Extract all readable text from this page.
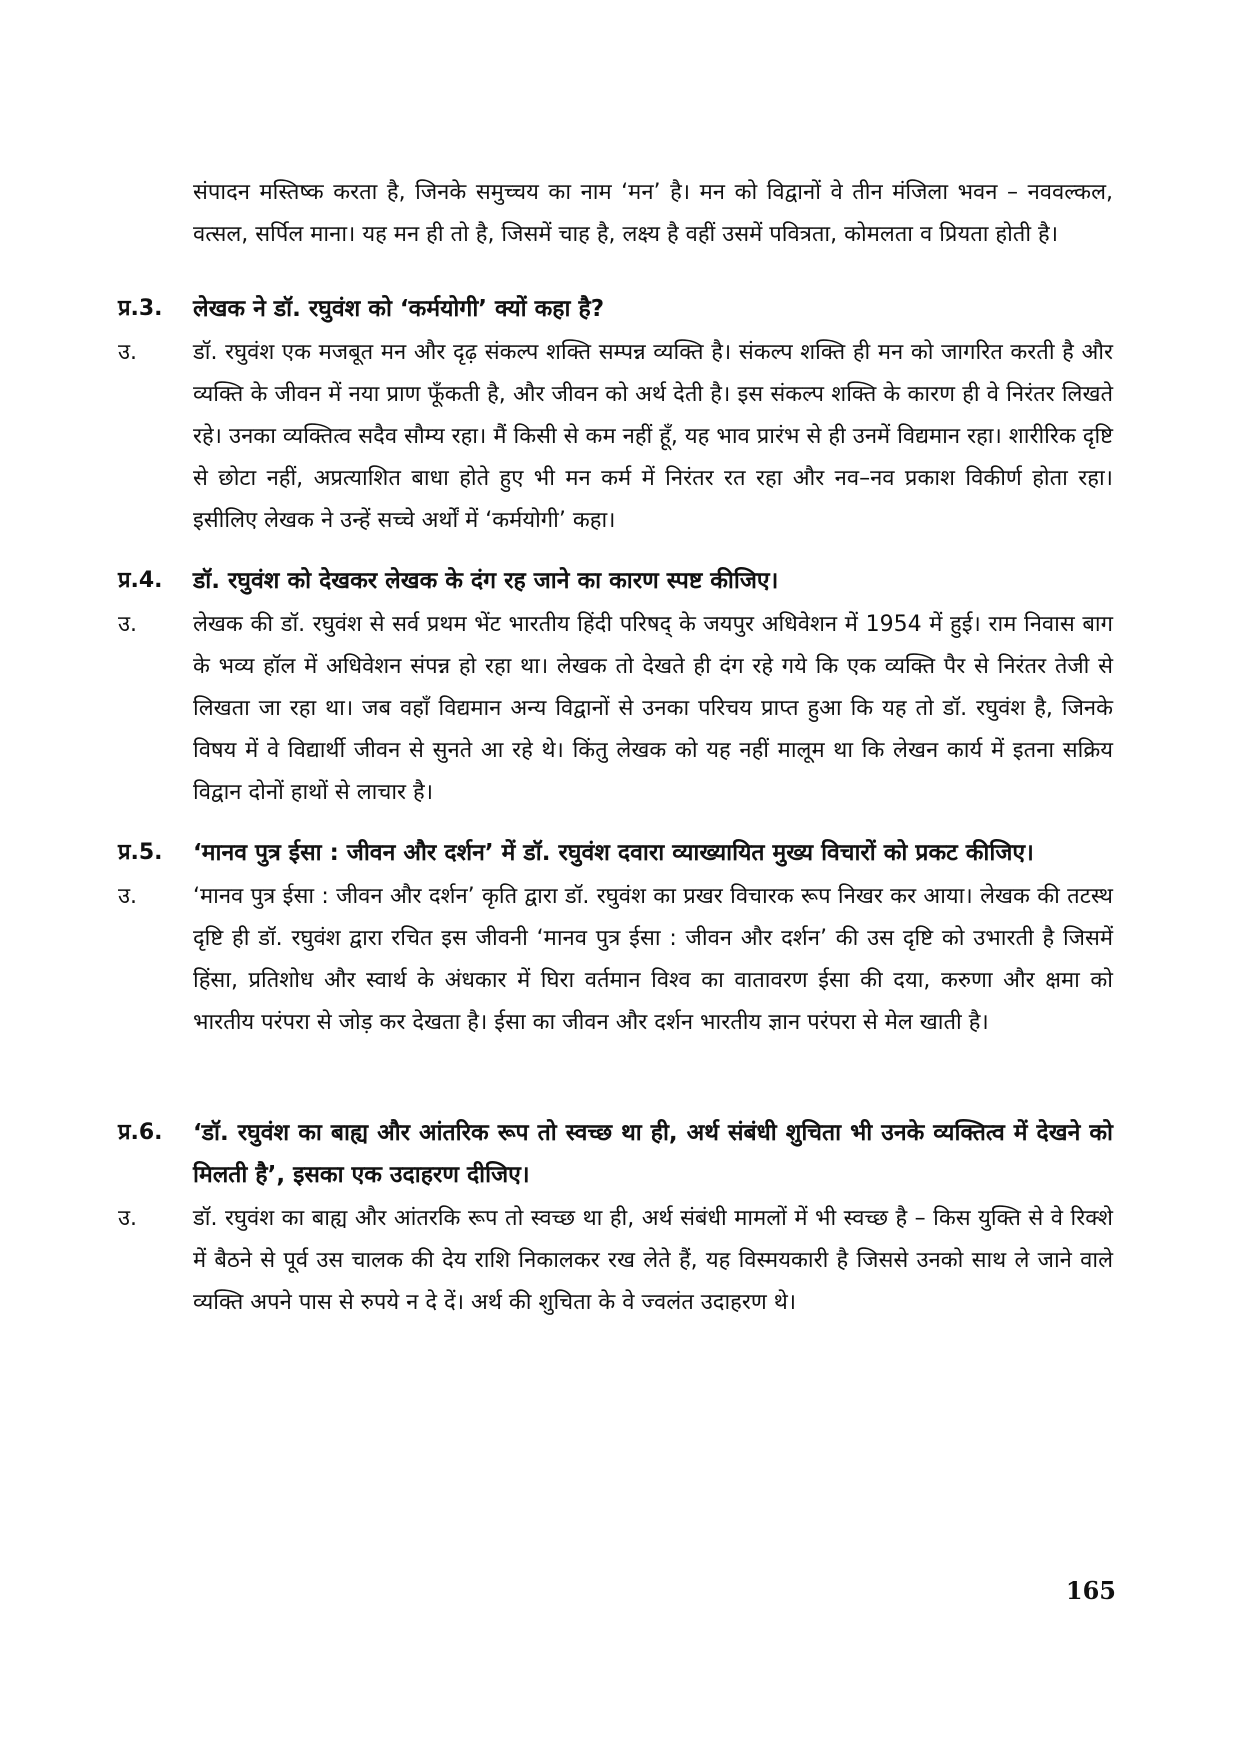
संपादन मस्तिष्क करता है, जिनके समुच्चय का नाम ‘मन’ है। मन को विद्वानों वे तीन मंजिला भवन – नववल्कल, वत्सल, सर्पिल माना। यह मन ही तो है, जिसमें चाह है, लक्ष्य है वहीं उसमें पवित्रता, कोमलता व प्रियता होती है।

प्र.3.	लेखक ने डॉ. रघुवंश को ‘कर्मयोगी’ क्यों कहा है?
उ.	डॉ. रघुवंश एक मजबूत मन और दृढ़ संकल्प शक्ति सम्पन्न व्यक्ति है। संकल्प शक्ति ही मन को जागरित करती है और व्यक्ति के जीवन में नया प्राण फूँकती है, और जीवन को अर्थ देती है। इस संकल्प शक्ति के कारण ही वे निरंतर लिखते रहे। उनका व्यक्तित्व सदैव सौम्य रहा। मैं किसी से कम नहीं हूँ, यह भाव प्रारंभ से ही उनमें विद्यमान रहा। शारीरिक दृष्टि से छोटा नहीं, अप्रत्याशित बाधा होते हुए भी मन कर्म में निरंतर रत रहा और नव–नव प्रकाश विकीर्ण होता रहा। इसीलिए लेखक ने उन्हें सच्चे अर्थों में ‘कर्मयोगी’ कहा।
प्र.4.	डॉ. रघुवंश को देखकर लेखक के दंग रह जाने का कारण स्पष्ट कीजिए।
उ.	लेखक की डॉ. रघुवंश से सर्व प्रथम भेंट भारतीय हिंदी परिषद् के जयपुर अधिवेशन में 1954 में हुई। राम निवास बाग के भव्य हॉल में अधिवेशन संपन्न हो रहा था। लेखक तो देखते ही दंग रहे गये कि एक व्यक्ति पैर से निरंतर तेजी से लिखता जा रहा था। जब वहाँ विद्यमान अन्य विद्वानों से उनका परिचय प्राप्त हुआ कि यह तो डॉ. रघुवंश है, जिनके विषय में वे विद्यार्थी जीवन से सुनते आ रहे थे। किंतु लेखक को यह नहीं मालूम था कि लेखन कार्य में इतना सक्रिय विद्वान दोनों हाथों से लाचार है।
प्र.5.	‘मानव पुत्र ईसा : जीवन और दर्शन’ में डॉ. रघुवंश दवारा व्याख्यायित मुख्य विचारों को प्रकट कीजिए।
उ.	‘मानव पुत्र ईसा : जीवन और दर्शन’ कृति द्वारा डॉ. रघुवंश का प्रखर विचारक रूप निखर कर आया। लेखक की तटस्थ दृष्टि ही डॉ. रघुवंश द्वारा रचित इस जीवनी ‘मानव पुत्र ईसा : जीवन और दर्शन’ की उस दृष्टि को उभारती है जिसमें हिंसा, प्रतिशोध और स्वार्थ के अंधकार में घिरा वर्तमान विश्व का वातावरण ईसा की दया, करुणा और क्षमा को भारतीय परंपरा से जोड़ कर देखता है। ईसा का जीवन और दर्शन भारतीय ज्ञान परंपरा से मेल खाती है।
प्र.6.	‘डॉ. रघुवंश का बाह्य और आंतरिक रूप तो स्वच्छ था ही, अर्थ संबंधी शुचिता भी उनके व्यक्तित्व में देखने को मिलती है’, इसका एक उदाहरण दीजिए।
उ.	डॉ. रघुवंश का बाह्य और आंतरकि रूप तो स्वच्छ था ही, अर्थ संबंधी मामलों में भी स्वच्छ है – किस युक्ति से वे रिक्शे में बैठने से पूर्व उस चालक की देय राशि निकालकर रख लेते हैं, यह विस्मयकारी है जिससे उनको साथ ले जाने वाले व्यक्ति अपने पास से रुपये न दे दें। अर्थ की शुचिता के वे ज्वलंत उदाहरण थे।
165
